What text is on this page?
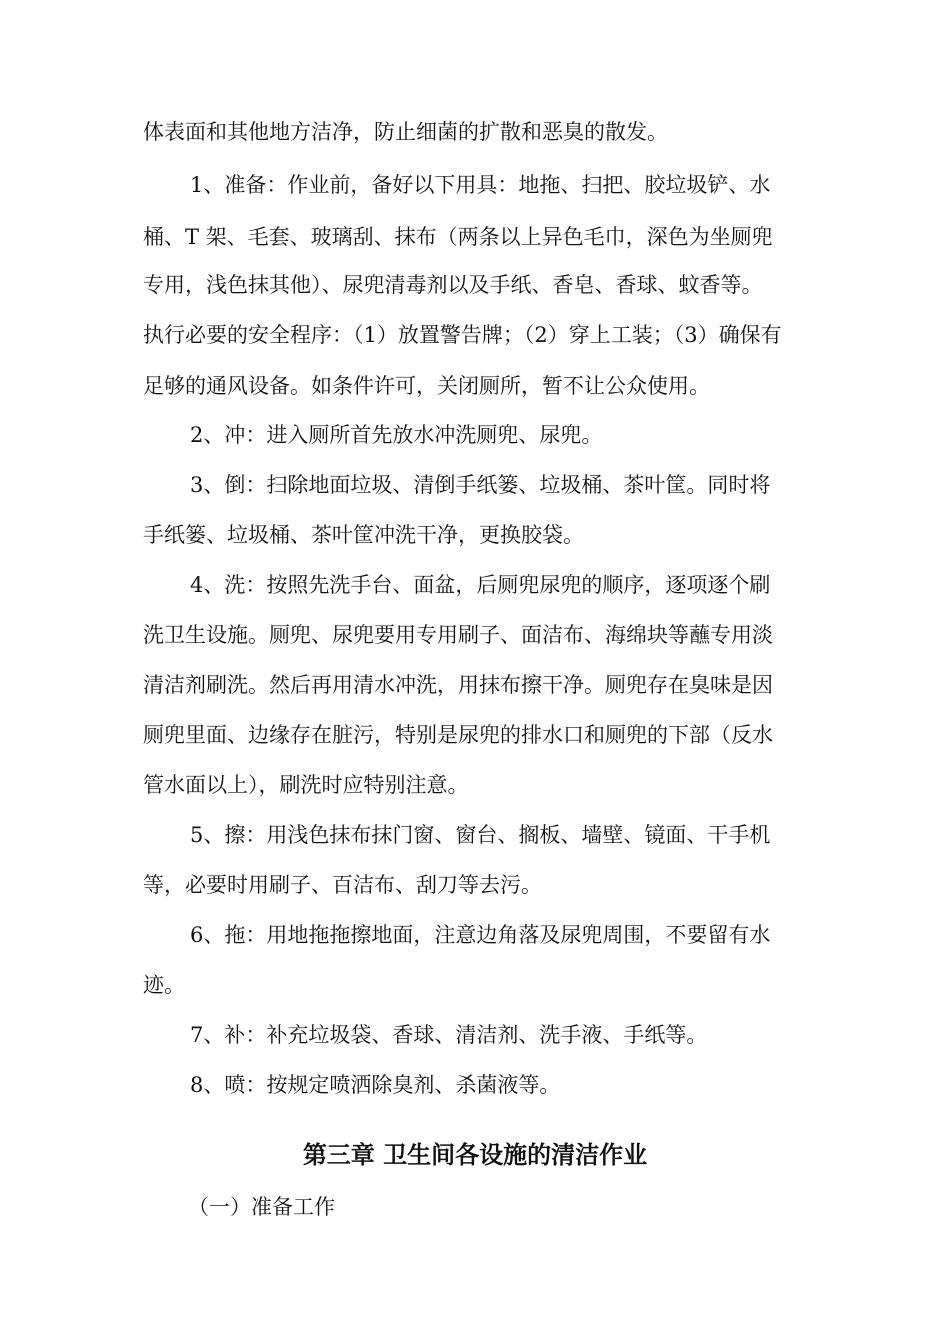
体表面和其他地方洁净，防止细菌的扩散和恶臭的散发。
1、准备：作业前，备好以下用具：地拖、扫把、胶垃圾铲、水
桶、T 架、毛套、玻璃刮、抹布（两条以上异色毛巾，深色为坐厕兜
专用，浅色抹其他）、尿兜清毒剂以及手纸、香皂、香球、蚊香等。
执行必要的安全程序：（1）放置警告牌；（2）穿上工装；（3）确保有
足够的通风设备。如条件许可，关闭厕所，暂不让公众使用。
2、冲：进入厕所首先放水冲洗厕兜、尿兜。
3、倒：扫除地面垃圾、清倒手纸篓、垃圾桶、茶叶筐。同时将
手纸篓、垃圾桶、茶叶筐冲洗干净，更换胶袋。
4、洗：按照先洗手台、面盆，后厕兜尿兜的顺序，逐项逐个刷
洗卫生设施。厕兜、尿兜要用专用刷子、面洁布、海绵块等蘸专用淡
清洁剂刷洗。然后再用清水冲洗，用抹布擦干净。厕兜存在臭味是因
厕兜里面、边缘存在脏污，特别是尿兜的排水口和厕兜的下部（反水
管水面以上），刷洗时应特别注意。
5、擦：用浅色抹布抹门窗、窗台、搁板、墙壁、镜面、干手机
等，必要时用刷子、百洁布、刮刀等去污。
6、拖：用地拖拖擦地面，注意边角落及尿兜周围，不要留有水
迹。
7、补：补充垃圾袋、香球、清洁剂、洗手液、手纸等。
8、喷：按规定喷洒除臭剂、杀菌液等。
第三章 卫生间各设施的清洁作业
（一）准备工作
